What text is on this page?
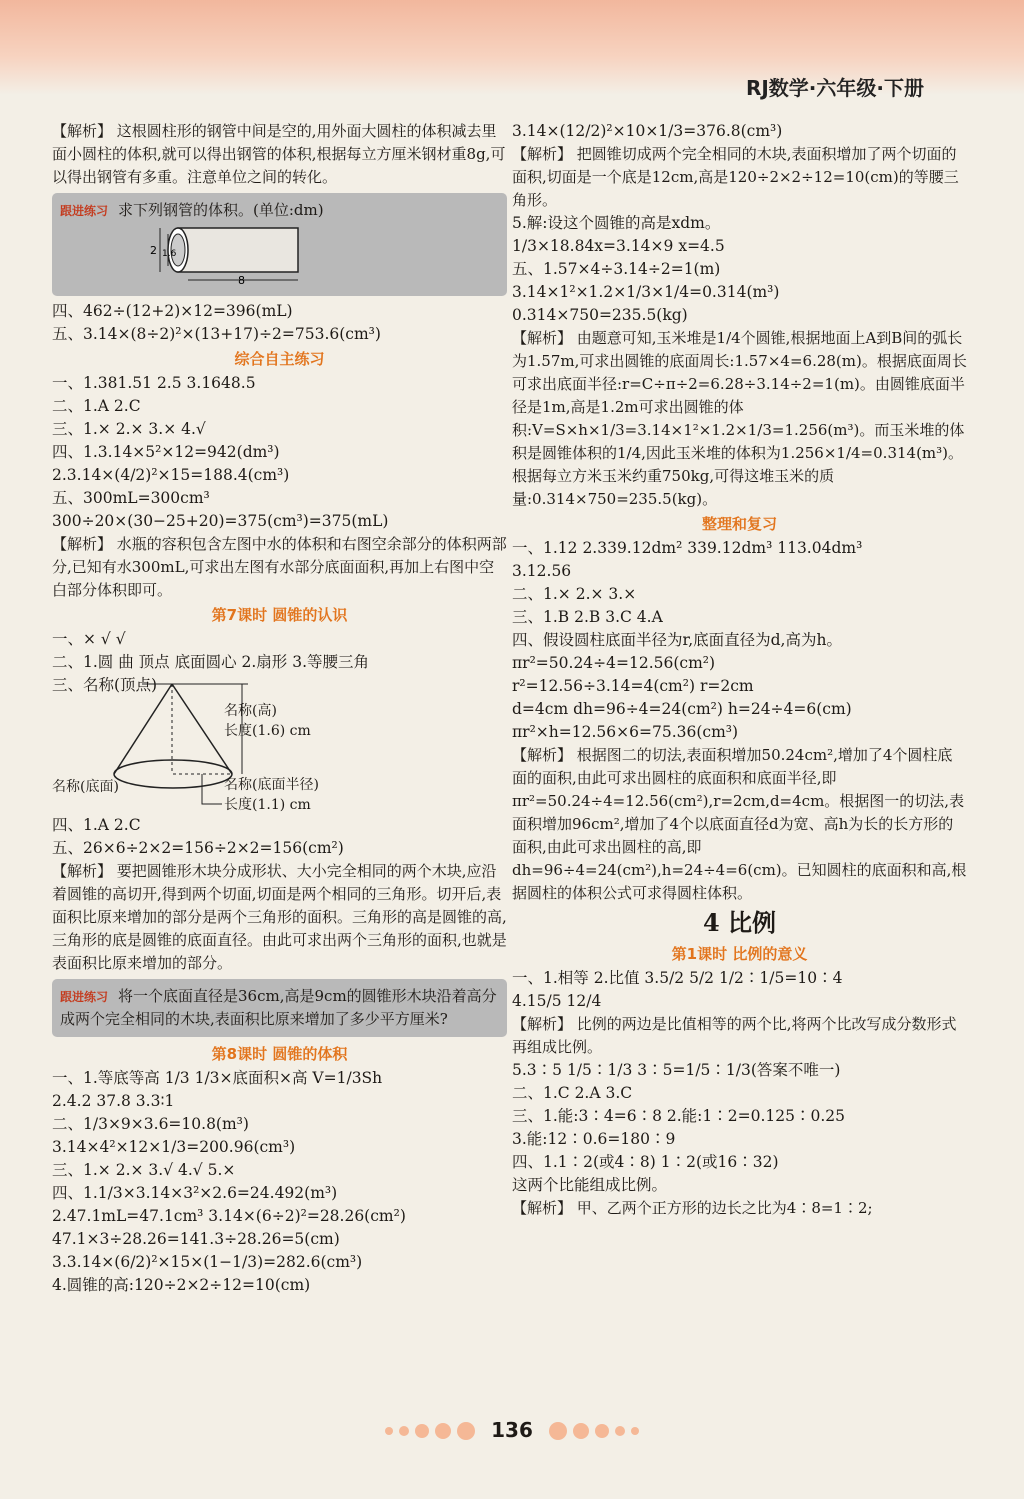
RJ数学·六年级·下册
【解析】 这根圆柱形的钢管中间是空的,用外面大圆柱的体积减去里面小圆柱的体积,就可以得出钢管的体积,根据每立方厘米钢材重8g,可以得出钢管有多重。注意单位之间的转化。
跟进练习 求下列钢管的体积。(单位:dm)
2 1.6
8
四、462÷(12+2)×12=396(mL)
五、3.14×(8÷2)²×(13+17)÷2=753.6(cm³)
综合自主练习
一、1.381.51 2.5 3.1648.5
二、1.A 2.C
三、1.× 2.× 3.× 4.√
四、1.3.14×5²×12=942(dm³)
2.3.14×(4/2)²×15=188.4(cm³)
五、300mL=300cm³
300÷20×(30−25+20)=375(cm³)=375(mL)
【解析】 水瓶的容积包含左图中水的体积和右图空余部分的体积两部分,已知有水300mL,可求出左图有水部分底面面积,再加上右图中空白部分体积即可。
第7课时 圆锥的认识
一、× √ √
二、1.圆 曲 顶点 底面圆心 2.扇形 3.等腰三角
三、名称(顶点)
名称(高)
长度(1.6) cm
名称(底面半径)
长度(1.1) cm
名称(底面)
四、1.A 2.C
五、26×6÷2×2=156÷2×2=156(cm²)
【解析】 要把圆锥形木块分成形状、大小完全相同的两个木块,应沿着圆锥的高切开,得到两个切面,切面是两个相同的三角形。切开后,表面积比原来增加的部分是两个三角形的面积。三角形的高是圆锥的高,三角形的底是圆锥的底面直径。由此可求出两个三角形的面积,也就是表面积比原来增加的部分。
跟进练习 将一个底面直径是36cm,高是9cm的圆锥形木块沿着高分成两个完全相同的木块,表面积比原来增加了多少平方厘米?
第8课时 圆锥的体积
一、1.等底等高 1/3 1/3×底面积×高 V=1/3Sh
2.4.2 37.8 3.3∶1
二、1/3×9×3.6=10.8(m³)
3.14×4²×12×1/3=200.96(cm³)
三、1.× 2.× 3.√ 4.√ 5.×
四、1.1/3×3.14×3²×2.6=24.492(m³)
2.47.1mL=47.1cm³ 3.14×(6÷2)²=28.26(cm²)
47.1×3÷28.26=141.3÷28.26=5(cm)
3.3.14×(6/2)²×15×(1−1/3)=282.6(cm³)
4.圆锥的高:120÷2×2÷12=10(cm)
3.14×(12/2)²×10×1/3=376.8(cm³)
【解析】 把圆锥切成两个完全相同的木块,表面积增加了两个切面的面积,切面是一个底是12cm,高是120÷2×2÷12=10(cm)的等腰三角形。
5.解:设这个圆锥的高是xdm。
1/3×18.84x=3.14×9 x=4.5
五、1.57×4÷3.14÷2=1(m)
3.14×1²×1.2×1/3×1/4=0.314(m³)
0.314×750=235.5(kg)
【解析】 由题意可知,玉米堆是1/4个圆锥,根据地面上A到B间的弧长为1.57m,可求出圆锥的底面周长:1.57×4=6.28(m)。根据底面周长可求出底面半径:r=C÷π÷2=6.28÷3.14÷2=1(m)。由圆锥底面半径是1m,高是1.2m可求出圆锥的体积:V=S×h×1/3=3.14×1²×1.2×1/3=1.256(m³)。而玉米堆的体积是圆锥体积的1/4,因此玉米堆的体积为1.256×1/4=0.314(m³)。根据每立方米玉米约重750kg,可得这堆玉米的质量:0.314×750=235.5(kg)。
整理和复习
一、1.12 2.339.12dm² 339.12dm³ 113.04dm³
3.12.56
二、1.× 2.× 3.×
三、1.B 2.B 3.C 4.A
四、假设圆柱底面半径为r,底面直径为d,高为h。
πr²=50.24÷4=12.56(cm²)
r²=12.56÷3.14=4(cm²) r=2cm
d=4cm dh=96÷4=24(cm²) h=24÷4=6(cm)
πr²×h=12.56×6=75.36(cm³)
【解析】 根据图二的切法,表面积增加50.24cm²,增加了4个圆柱底面的面积,由此可求出圆柱的底面积和底面半径,即πr²=50.24÷4=12.56(cm²),r=2cm,d=4cm。根据图一的切法,表面积增加96cm²,增加了4个以底面直径d为宽、高h为长的长方形的面积,由此可求出圆柱的高,即dh=96÷4=24(cm²),h=24÷4=6(cm)。已知圆柱的底面积和高,根据圆柱的体积公式可求得圆柱体积。
4 比例
第1课时 比例的意义
一、1.相等 2.比值 3.5/2 5/2 1/2∶1/5=10∶4
4.15/5 12/4
【解析】 比例的两边是比值相等的两个比,将两个比改写成分数形式再组成比例。
5.3∶5 1/5∶1/3 3∶5=1/5∶1/3(答案不唯一)
二、1.C 2.A 3.C
三、1.能:3∶4=6∶8 2.能:1∶2=0.125∶0.25
3.能:12∶0.6=180∶9
四、1.1∶2(或4∶8) 1∶2(或16∶32)
这两个比能组成比例。
【解析】 甲、乙两个正方形的边长之比为4∶8=1∶2;
136
